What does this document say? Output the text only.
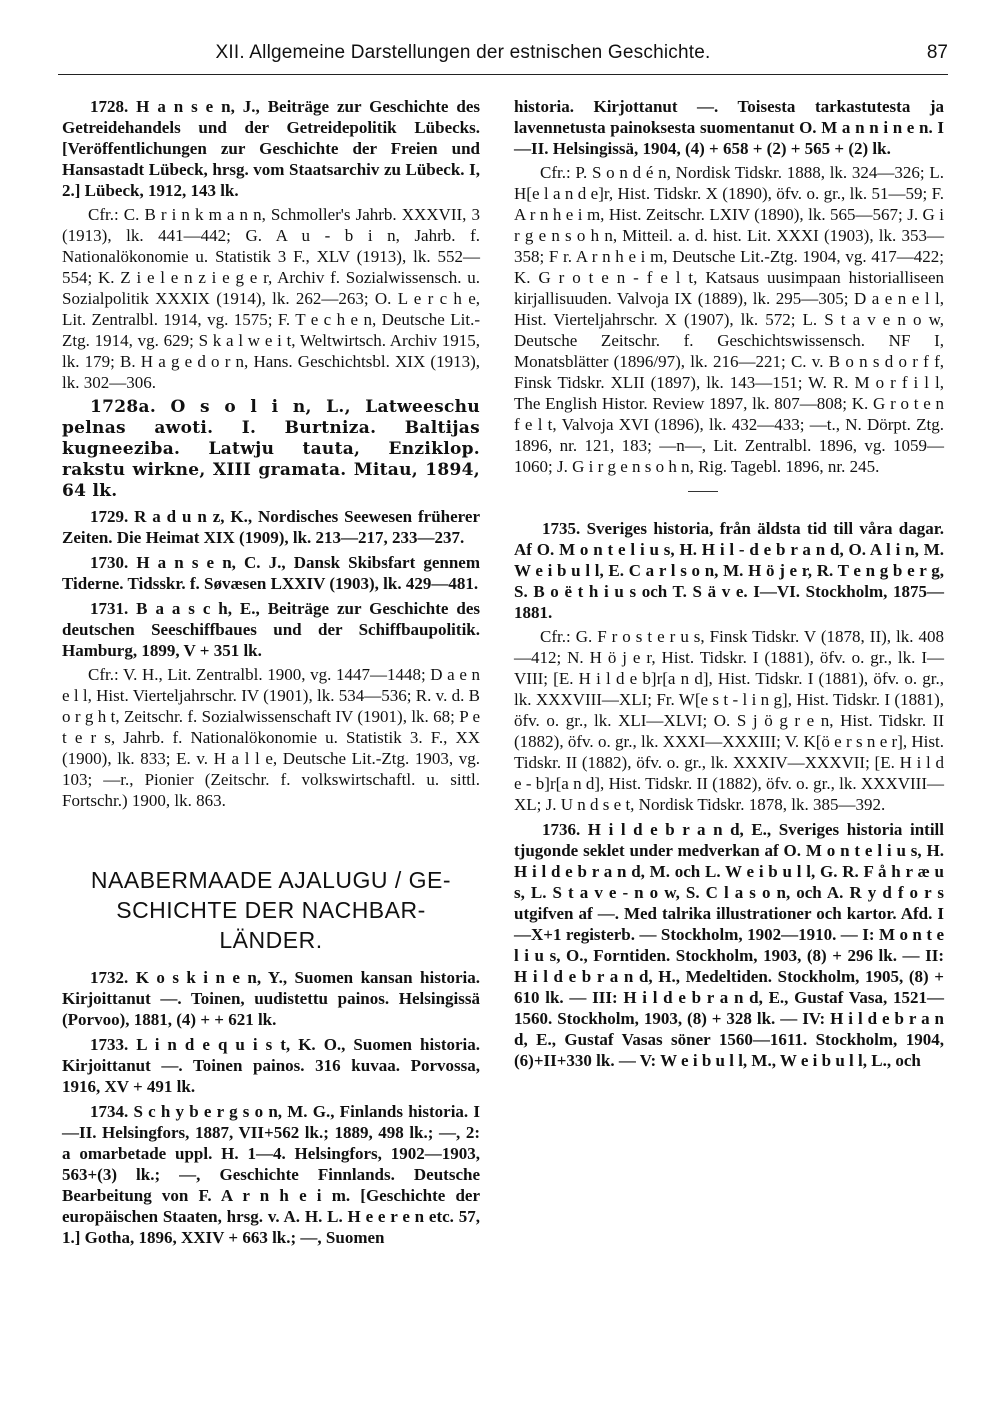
XII. Allgemeine Darstellungen der estnischen Geschichte.	87

1728. H a n s e n, J., Beiträge zur Geschichte des Getreidehandels und der Getreidepolitik Lübecks. [Veröffentlichungen zur Geschichte der Freien und Hansastadt Lübeck, hrsg. vom Staatsarchiv zu Lübeck. I, 2.] Lübeck, 1912, 143 lk.

Cfr.: C. B r i n k m a n n, Schmoller's Jahrb. XXXVII, 3 (1913), lk. 441—442; G. A u - b i n, Jahrb. f. Nationalökonomie u. Statistik 3 F., XLV (1913), lk. 552—554; K. Z i e l e n z i e g e r, Archiv f. Sozialwissensch. u. Sozialpolitik XXXIX (1914), lk. 262—263; O. L e r c h e, Lit. Zentralbl. 1914, vg. 1575; F. T e c h e n, Deutsche Lit.-Ztg. 1914, vg. 629; S k a l w e i t, Weltwirtsch. Archiv 1915, lk. 179; B. H a g e d o r n, Hans. Geschichtsbl. XIX (1913), lk. 302—306.

1728a. O s o l i n, L., Latweeschu pelnas awoti. I. Burtniza. Baltijas kugneeziba. Latwju tauta, Enziklop. rakstu wirkne, XIII gramata. Mitau, 1894, 64 lk.

1729. R a d u n z, K., Nordisches Seewesen früherer Zeiten. Die Heimat XIX (1909), lk. 213—217, 233—237.

1730. H a n s e n, C. J., Dansk Skibsfart gennem Tiderne. Tidsskr. f. Søvæsen LXXIV (1903), lk. 429—481.

1731. B a a s c h, E., Beiträge zur Geschichte des deutschen Seeschiffbaues und der Schiffbaupolitik. Hamburg, 1899, V + 351 lk.

Cfr.: V. H., Lit. Zentralbl. 1900, vg. 1447—1448; D a e n e l l, Hist. Vierteljahrschr. IV (1901), lk. 534—536; R. v. d. B o r g h t, Zeitschr. f. Sozialwissenschaft IV (1901), lk. 68; P e t e r s, Jahrb. f. Nationalökonomie u. Statistik 3. F., XX (1900), lk. 833; E. v. H a l l e, Deutsche Lit.-Ztg. 1903, vg. 103; —r., Pionier (Zeitschr. f. volkswirtschaftl. u. sittl. Fortschr.) 1900, lk. 863.

NAABERMAADE AJALUGU / GE-
SCHICHTE DER NACHBAR-
LÄNDER.

1732. K o s k i n e n, Y., Suomen kansan historia. Kirjoittanut —. Toinen, uudistettu painos. Helsingissä (Porvoo), 1881, (4) + + 621 lk.

1733. L i n d e q u i s t, K. O., Suomen historia. Kirjoittanut —. Toinen painos. 316 kuvaa. Porvossa, 1916, XV + 491 lk.

1734. S c h y b e r g s o n, M. G., Finlands historia. I—II. Helsingfors, 1887, VII+562 lk.; 1889, 498 lk.; —, 2: a omarbetade uppl. H. 1—4. Helsingfors, 1902—1903, 563+(3) lk.; —, Geschichte Finnlands. Deutsche Bearbeitung von F. A r n h e i m. [Geschichte der europäischen Staaten, hrsg. v. A. H. L. H e e r e n etc. 57, 1.] Gotha, 1896, XXIV + 663 lk.; —, Suomen

historia. Kirjottanut —. Toisesta tarkastutesta ja lavennetusta painoksesta suomentanut O. M a n n i n e n. I—II. Helsingissä, 1904, (4) + 658 + (2) + 565 + (2) lk.

Cfr.: P. S o n d é n, Nordisk Tidskr. 1888, lk. 324—326; L. H[e l a n d e]r, Hist. Tidskr. X (1890), öfv. o. gr., lk. 51—59; F. A r n h e i m, Hist. Zeitschr. LXIV (1890), lk. 565—567; J. G i r g e n s o h n, Mitteil. a. d. hist. Lit. XXXI (1903), lk. 353—358; F r. A r n h e i m, Deutsche Lit.-Ztg. 1904, vg. 417—422; K. G r o t e n - f e l t, Katsaus uusimpaan historialliseen kirjallisuuden. Valvoja IX (1889), lk. 295—305; D a e n e l l, Hist. Vierteljahrschr. X (1907), lk. 572; L. S t a v e n o w, Deutsche Zeitschr. f. Geschichtswissensch. NF I, Monatsblätter (1896/97), lk. 216—221; C. v. B o n s d o r f f, Finsk Tidskr. XLII (1897), lk. 143—151; W. R. M o r f i l l, The English Histor. Review 1897, lk. 807—808; K. G r o t e n f e l t, Valvoja XVI (1896), lk. 432—433; —t., N. Dörpt. Ztg. 1896, nr. 121, 183; —n—, Lit. Zentralbl. 1896, vg. 1059—1060; J. G i r g e n s o h n, Rig. Tagebl. 1896, nr. 245.

1735. Sveriges historia, från äldsta tid till våra dagar. Af O. M o n t e l i u s, H. H i l - d e b r a n d, O. A l i n, M. W e i b u l l, E. C a r l s o n, M. H ö j e r, R. T e n g b e r g, S. B o ë t h i u s och T. S ä v e. I—VI. Stockholm, 1875—1881.

Cfr.: G. F r o s t e r u s, Finsk Tidskr. V (1878, II), lk. 408—412; N. H ö j e r, Hist. Tidskr. I (1881), öfv. o. gr., lk. I—VIII; [E. H i l d e b]r[a n d], Hist. Tidskr. I (1881), öfv. o. gr., lk. XXXVIII—XLI; Fr. W[e s t - l i n g], Hist. Tidskr. I (1881), öfv. o. gr., lk. XLI—XLVI; O. S j ö g r e n, Hist. Tidskr. II (1882), öfv. o. gr., lk. XXXI—XXXIII; V. K[ö e r s n e r], Hist. Tidskr. II (1882), öfv. o. gr., lk. XXXIV—XXXVII; [E. H i l d e - b]r[a n d], Hist. Tidskr. II (1882), öfv. o. gr., lk. XXXVIII—XL; J. U n d s e t, Nordisk Tidskr. 1878, lk. 385—392.

1736. H i l d e b r a n d, E., Sveriges historia intill tjugonde seklet under medverkan af O. M o n t e l i u s, H. H i l d e b r a n d, M. och L. W e i b u l l, G. R. F å h r æ u s, L. S t a v e - n o w, S. C l a s o n, och A. R y d f o r s utgifven af —. Med talrika illustrationer och kartor. Afd. I—X+1 registerb. — Stockholm, 1902—1910. — I: M o n t e l i u s, O., Forntiden. Stockholm, 1903, (8) + 296 lk. — II: H i l d e b r a n d, H., Medeltiden. Stockholm, 1905, (8) + 610 lk. — III: H i l d e b r a n d, E., Gustaf Vasa, 1521—1560. Stockholm, 1903, (8) + 328 lk. — IV: H i l d e b r a n d, E., Gustaf Vasas söner 1560—1611. Stockholm, 1904, (6)+II+330 lk. — V: W e i b u l l, M., W e i b u l l, L., och
